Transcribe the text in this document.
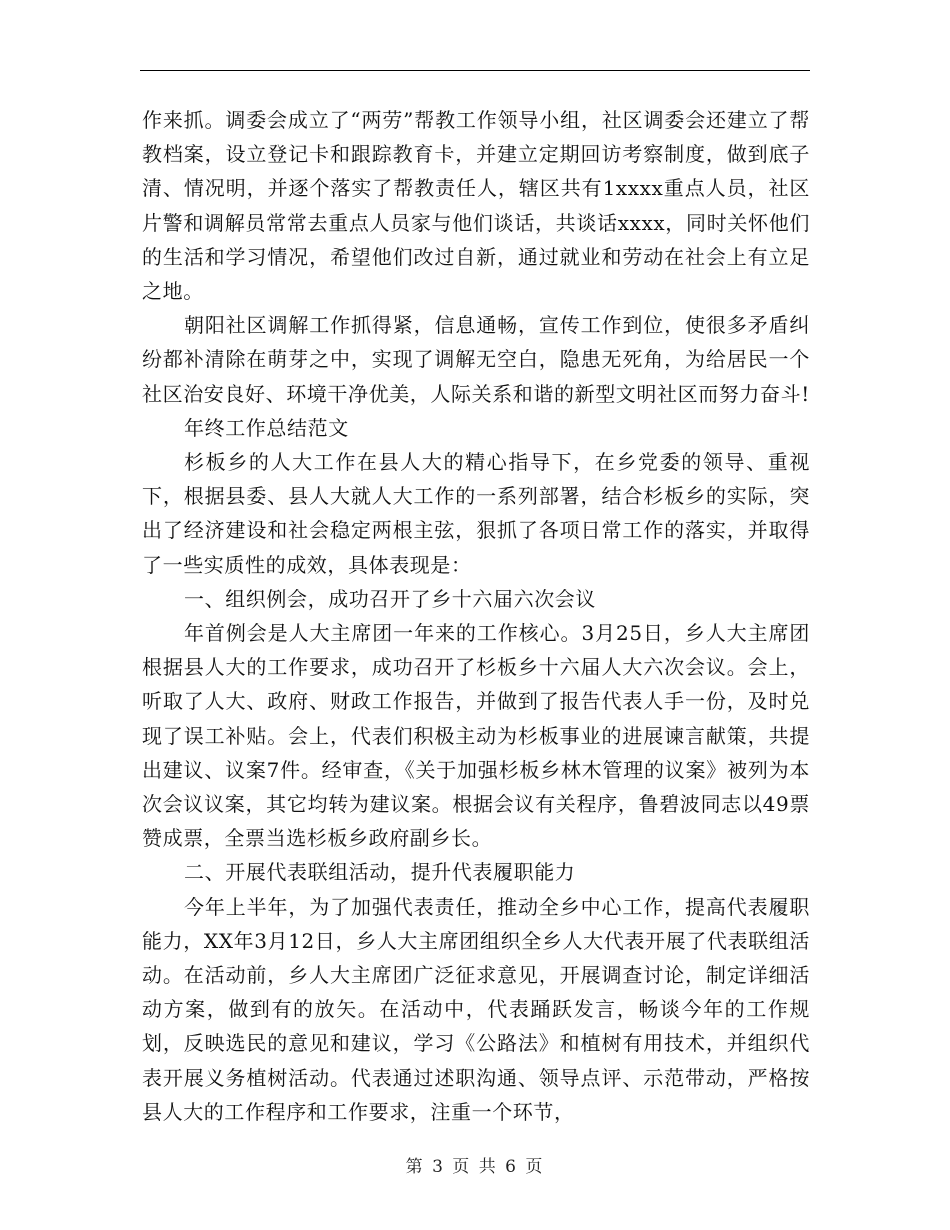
作来抓。调委会成立了“两劳”帮教工作领导小组，社区调委会还建立了帮教档案，设立登记卡和跟踪教育卡，并建立定期回访考察制度，做到底子清、情况明，并逐个落实了帮教责任人，辖区共有1xxxx重点人员，社区片警和调解员常常去重点人员家与他们谈话，共谈话xxxx，同时关怀他们的生活和学习情况，希望他们改过自新，通过就业和劳动在社会上有立足之地。

朝阳社区调解工作抓得紧，信息通畅，宣传工作到位，使很多矛盾纠纷都补清除在萌芽之中，实现了调解无空白，隐患无死角，为给居民一个社区治安良好、环境干净优美，人际关系和谐的新型文明社区而努力奋斗!

年终工作总结范文

杉板乡的人大工作在县人大的精心指导下，在乡党委的领导、重视下，根据县委、县人大就人大工作的一系列部署，结合杉板乡的实际，突出了经济建设和社会稳定两根主弦，狠抓了各项日常工作的落实，并取得了一些实质性的成效，具体表现是：

一、组织例会，成功召开了乡十六届六次会议

年首例会是人大主席团一年来的工作核心。3月25日，乡人大主席团根据县人大的工作要求，成功召开了杉板乡十六届人大六次会议。会上，听取了人大、政府、财政工作报告，并做到了报告代表人手一份，及时兑现了误工补贴。会上，代表们积极主动为杉板事业的进展谏言献策，共提出建议、议案7件。经审查，《关于加强杉板乡林木管理的议案》被列为本次会议议案，其它均转为建议案。根据会议有关程序，鲁碧波同志以49票赞成票，全票当选杉板乡政府副乡长。

二、开展代表联组活动，提升代表履职能力

今年上半年，为了加强代表责任，推动全乡中心工作，提高代表履职能力，XX年3月12日，乡人大主席团组织全乡人大代表开展了代表联组活动。在活动前，乡人大主席团广泛征求意见，开展调查讨论，制定详细活动方案，做到有的放矢。在活动中，代表踊跃发言，畅谈今年的工作规划，反映选民的意见和建议，学习《公路法》和植树有用技术，并组织代表开展义务植树活动。代表通过述职沟通、领导点评、示范带动，严格按县人大的工作程序和工作要求，注重一个环节，

第 3 页 共 6 页
